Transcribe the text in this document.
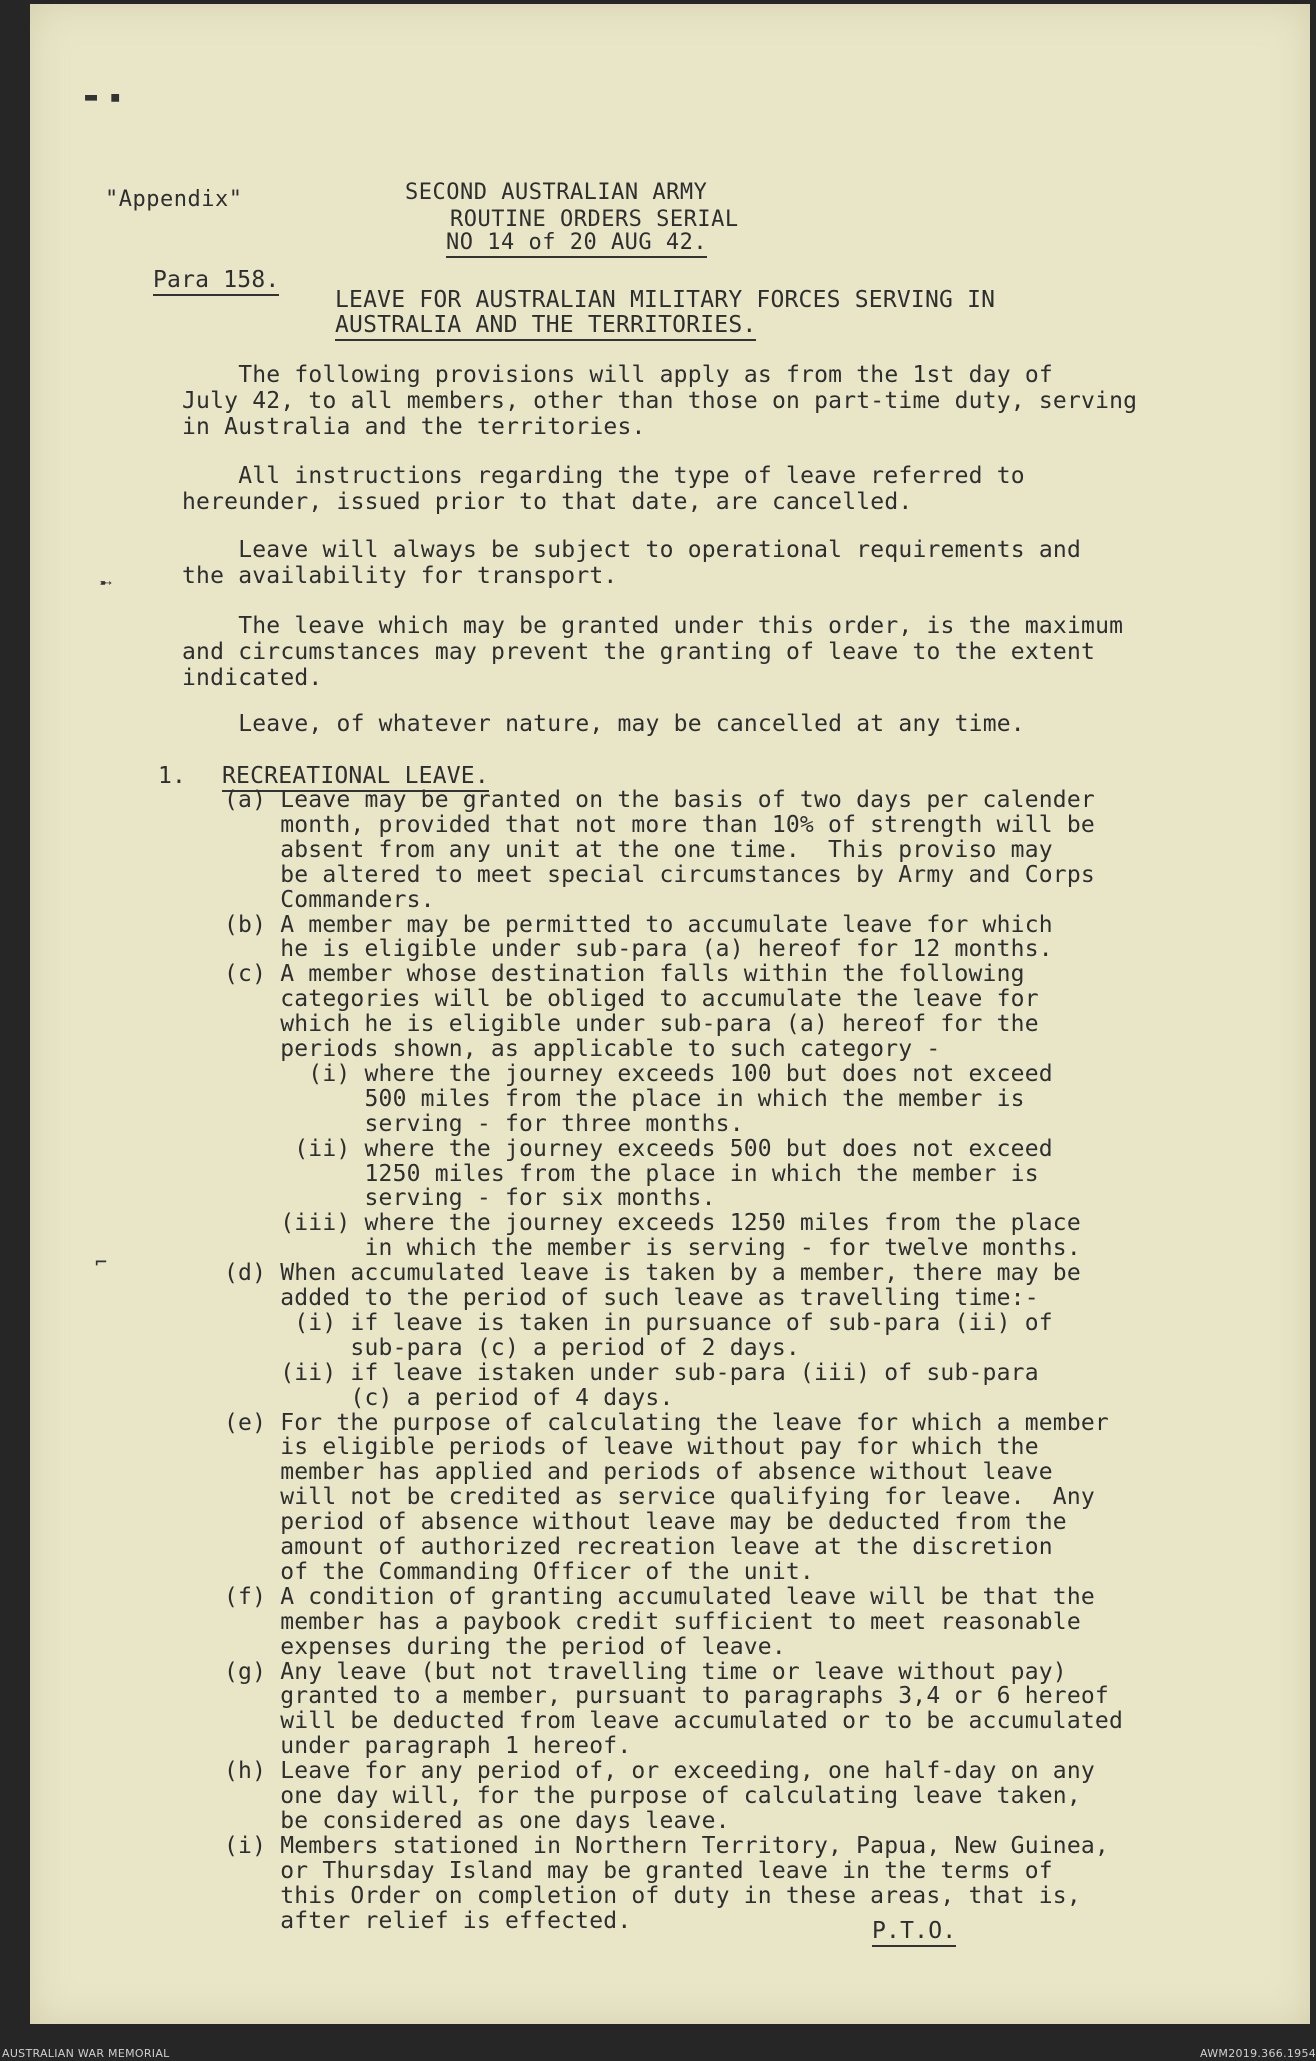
▬ ▪
➸
⌐

"Appendix"	SECOND AUSTRALIAN ARMY

ROUTINE ORDERS SERIAL

NO 14 of 20 AUG 42.

Para 158.

LEAVE FOR AUSTRALIAN MILITARY FORCES SERVING IN

AUSTRALIA AND THE TERRITORIES.

The following provisions will apply as from the 1st day of

July 42, to all members, other than those on part-time duty, serving

in Australia and the territories.

All instructions regarding the type of leave referred to

hereunder, issued prior to that date, are cancelled.

Leave will always be subject to operational requirements and

the availability for transport.

The leave which may be granted under this order, is the maximum

and circumstances may prevent the granting of leave to the extent

indicated.

Leave, of whatever nature, may be cancelled at any time.

1. RECREATIONAL LEAVE.

(a) Leave may be granted on the basis of two days per calender

month, provided that not more than 10% of strength will be

absent from any unit at the one time.  This proviso may

be altered to meet special circumstances by Army and Corps

Commanders.

(b) A member may be permitted to accumulate leave for which

he is eligible under sub-para (a) hereof for 12 months.

(c) A member whose destination falls within the following

categories will be obliged to accumulate the leave for

which he is eligible under sub-para (a) hereof for the

periods shown, as applicable to such category -

(i) where the journey exceeds 100 but does not exceed

500 miles from the place in which the member is

serving - for three months.

(ii) where the journey exceeds 500 but does not exceed

1250 miles from the place in which the member is

serving - for six months.

(iii) where the journey exceeds 1250 miles from the place

in which the member is serving - for twelve months.

(d) When accumulated leave is taken by a member, there may be

added to the period of such leave as travelling time:-

(i) if leave is taken in pursuance of sub-para (ii) of

sub-para (c) a period of 2 days.

(ii) if leave istaken under sub-para (iii) of sub-para

(c) a period of 4 days.

(e) For the purpose of calculating the leave for which a member

is eligible periods of leave without pay for which the

member has applied and periods of absence without leave

will not be credited as service qualifying for leave.  Any

period of absence without leave may be deducted from the

amount of authorized recreation leave at the discretion

of the Commanding Officer of the unit.

(f) A condition of granting accumulated leave will be that the

member has a paybook credit sufficient to meet reasonable

expenses during the period of leave.

(g) Any leave (but not travelling time or leave without pay)

granted to a member, pursuant to paragraphs 3,4 or 6 hereof

will be deducted from leave accumulated or to be accumulated

under paragraph 1 hereof.

(h) Leave for any period of, or exceeding, one half-day on any

one day will, for the purpose of calculating leave taken,

be considered as one days leave.

(i) Members stationed in Northern Territory, Papua, New Guinea,

or Thursday Island may be granted leave in the terms of

this Order on completion of duty in these areas, that is,

after relief is effected.	P.T.O.

AUSTRALIAN WAR MEMORIAL	AWM2019.366.1954
